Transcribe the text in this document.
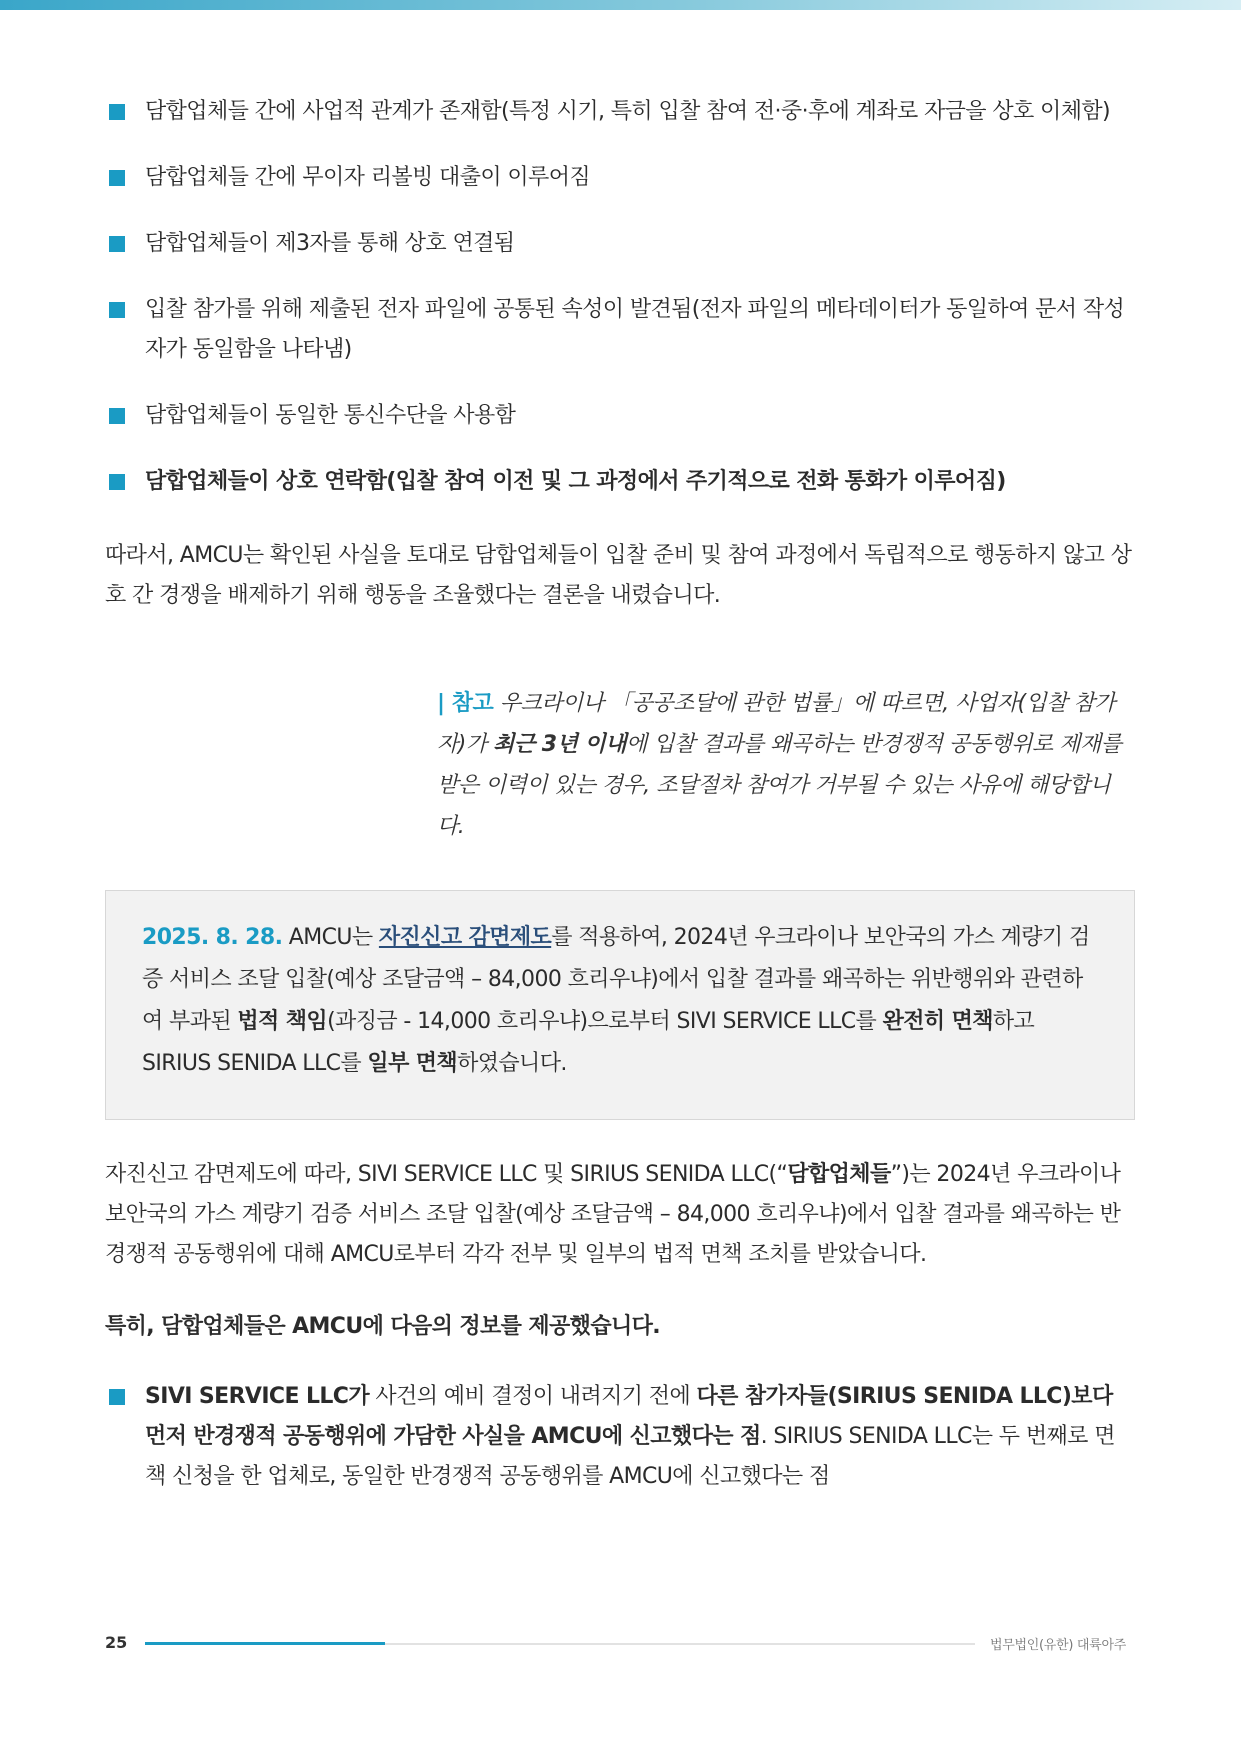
담합업체들 간에 사업적 관계가 존재함(특정 시기, 특히 입찰 참여 전·중·후에 계좌로 자금을 상호 이체함)
담합업체들 간에 무이자 리볼빙 대출이 이루어짐
담합업체들이 제3자를 통해 상호 연결됨
입찰 참가를 위해 제출된 전자 파일에 공통된 속성이 발견됨(전자 파일의 메타데이터가 동일하여 문서 작성자가 동일함을 나타냄)
담합업체들이 동일한 통신수단을 사용함
담합업체들이 상호 연락함(입찰 참여 이전 및 그 과정에서 주기적으로 전화 통화가 이루어짐)

따라서, AMCU는 확인된 사실을 토대로 담합업체들이 입찰 준비 및 참여 과정에서 독립적으로 행동하지 않고 상호 간 경쟁을 배제하기 위해 행동을 조율했다는 결론을 내렸습니다.

| 참고 우크라이나 「공공조달에 관한 법률」에 따르면, 사업자(입찰 참가자)가 최근 3년 이내에 입찰 결과를 왜곡하는 반경쟁적 공동행위로 제재를 받은 이력이 있는 경우, 조달절차 참여가 거부될 수 있는 사유에 해당합니다.
2025. 8. 28. AMCU는 자진신고 감면제도를 적용하여, 2024년 우크라이나 보안국의 가스 계량기 검증 서비스 조달 입찰(예상 조달금액 – 84,000 흐리우냐)에서 입찰 결과를 왜곡하는 위반행위와 관련하여 부과된 법적 책임(과징금 - 14,000 흐리우냐)으로부터 SIVI SERVICE LLC를 완전히 면책하고 SIRIUS SENIDA LLC를 일부 면책하였습니다.

자진신고 감면제도에 따라, SIVI SERVICE LLC 및 SIRIUS SENIDA LLC(“담합업체들”)는 2024년 우크라이나 보안국의 가스 계량기 검증 서비스 조달 입찰(예상 조달금액 – 84,000 흐리우냐)에서 입찰 결과를 왜곡하는 반경쟁적 공동행위에 대해 AMCU로부터 각각 전부 및 일부의 법적 면책 조치를 받았습니다.

특히, 담합업체들은 AMCU에 다음의 정보를 제공했습니다.

SIVI SERVICE LLC가 사건의 예비 결정이 내려지기 전에 다른 참가자들(SIRIUS SENIDA LLC)보다 먼저 반경쟁적 공동행위에 가담한 사실을 AMCU에 신고했다는 점. SIRIUS SENIDA LLC는 두 번째로 면책 신청을 한 업체로, 동일한 반경쟁적 공동행위를 AMCU에 신고했다는 점
25	법무법인(유한) 대륙아주
